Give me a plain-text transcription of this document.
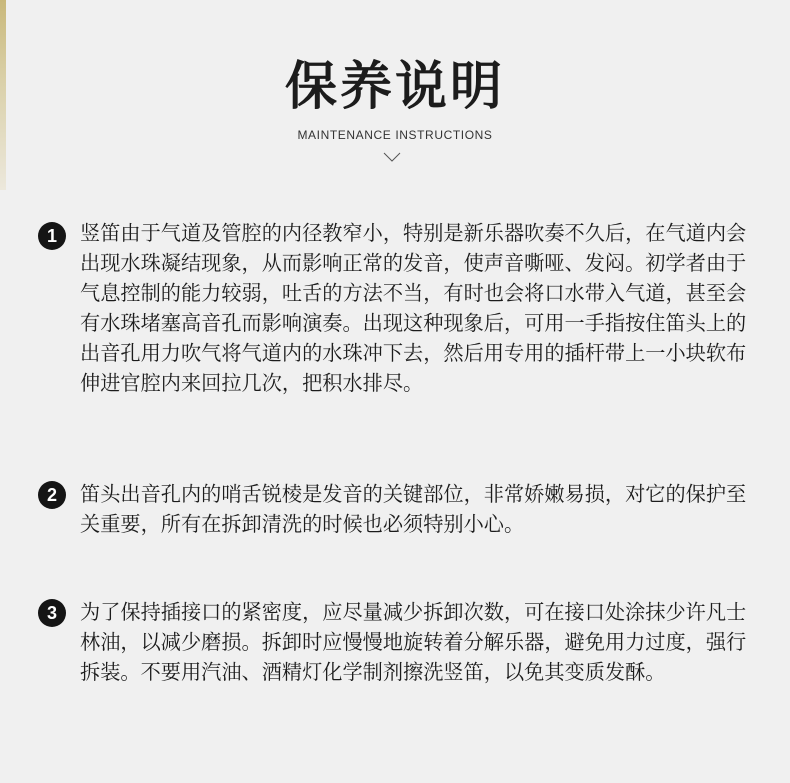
保养说明
MAINTENANCE INSTRUCTIONS
1	竖笛由于气道及管腔的内径教窄小，特别是新乐器吹奏不久后，在气道内会出现水珠凝结现象，从而影响正常的发音，使声音嘶哑、发闷。初学者由于气息控制的能力较弱，吐舌的方法不当，有时也会将口水带入气道，甚至会有水珠堵塞高音孔而影响演奏。出现这种现象后，可用一手指按住笛头上的出音孔用力吹气将气道内的水珠冲下去，然后用专用的插杆带上一小块软布伸进官腔内来回拉几次，把积水排尽。

2	笛头出音孔内的哨舌锐棱是发音的关键部位，非常娇嫩易损，对它的保护至关重要，所有在拆卸清洗的时候也必须特别小心。

3	为了保持插接口的紧密度，应尽量减少拆卸次数，可在接口处涂抹少许凡士林油，以减少磨损。拆卸时应慢慢地旋转着分解乐器，避免用力过度，强行拆装。不要用汽油、酒精灯化学制剂擦洗竖笛，以免其变质发酥。
